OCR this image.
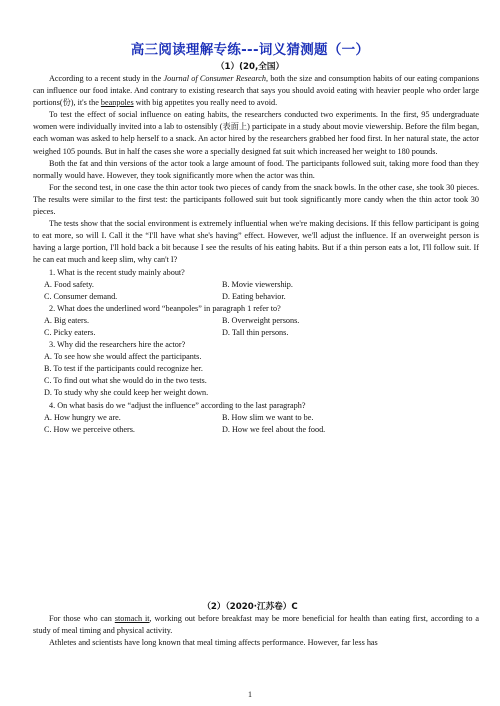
高三阅读理解专练---词义猜测题（一）
（1）(20,全国）

According to a recent study in the Journal of Consumer Research, both the size and consumption habits of our eating companions can influence our food intake. And contrary to existing research that says you should avoid eating with heavier people who order large portions(份), it's the beanpoles with big appetites you really need to avoid.

To test the effect of social influence on eating habits, the researchers conducted two experiments. In the first, 95 undergraduate women were individually invited into a lab to ostensibly (表面上) participate in a study about movie viewership. Before the film began, each woman was asked to help herself to a snack. An actor hired by the researchers grabbed her food first. In her natural state, the actor weighed 105 pounds. But in half the cases she wore a specially designed fat suit which increased her weight to 180 pounds.

Both the fat and thin versions of the actor took a large amount of food. The participants followed suit, taking more food than they normally would have. However, they took significantly more when the actor was thin.

For the second test, in one case the thin actor took two pieces of candy from the snack bowls. In the other case, she took 30 pieces. The results were similar to the first test: the participants followed suit but took significantly more candy when the thin actor took 30 pieces.

The tests show that the social environment is extremely influential when we're making decisions. If this fellow participant is going to eat more, so will I. Call it the “I'll have what she's having” effect. However, we'll adjust the influence. If an overweight person is having a large portion, I'll hold back a bit because I see the results of his eating habits. But if a thin person eats a lot, I'll follow suit. If he can eat much and keep slim, why can't I?

1. What is the recent study mainly about?

A. Food safety.	B. Movie viewership.
C. Consumer demand.	D. Eating behavior.

2. What does the underlined word “beanpoles” in paragraph 1 refer to?

A. Big eaters.	B. Overweight persons.
C. Picky eaters.	D. Tall thin persons.

3. Why did the researchers hire the actor?

A. To see how she would affect the participants.
B. To test if the participants could recognize her.
C. To find out what she would do in the two tests.
D. To study why she could keep her weight down.

4. On what basis do we “adjust the influence” according to the last paragraph?

A. How hungry we are.	B. How slim we want to be.
C. How we perceive others.	D. How we feel about the food.
（2）（2020·江苏卷）C

For those who can stomach it, working out before breakfast may be more beneficial for health than eating first, according to a study of meal timing and physical activity.

Athletes and scientists have long known that meal timing affects performance. However, far less has

1
